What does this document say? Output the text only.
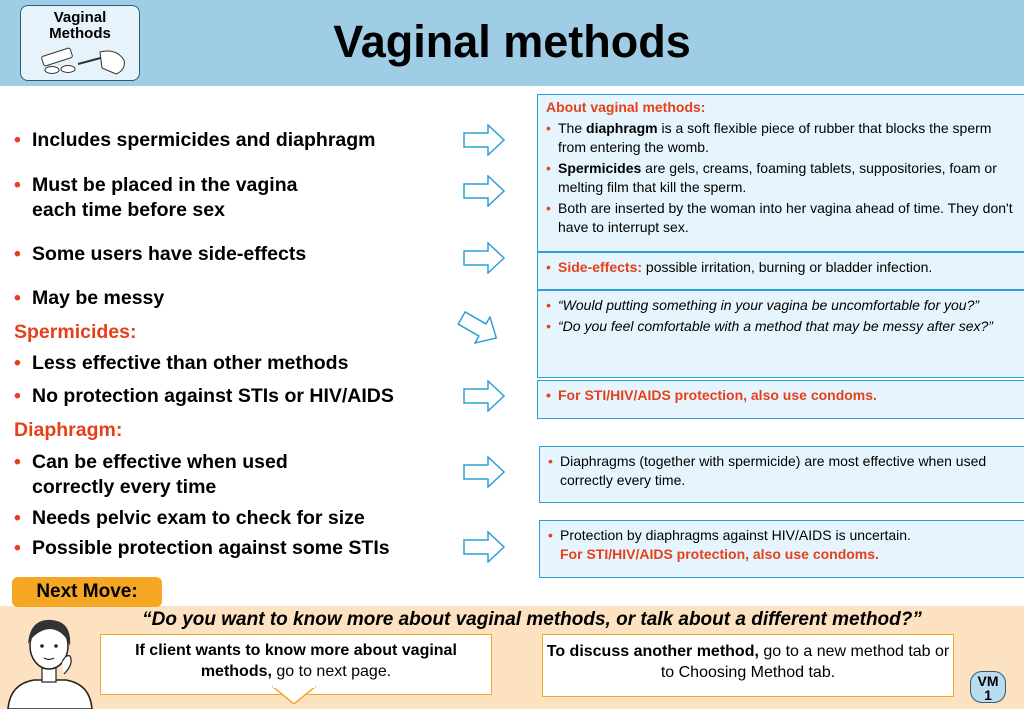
Vaginal
Methods	Vaginal methods
• Includes spermicides and diaphragm
• Must be placed in the vagina
each time before sex
• Some users have side-effects
• May be messy
Spermicides:
• Less effective than other methods
• No protection against STIs or HIV/AIDS
Diaphragm:
• Can be effective when used
correctly every time
• Needs pelvic exam to check for size
• Possible protection against some STIs
About vaginal methods:
• The diaphragm is a soft flexible piece of rubber that blocks the sperm from entering the womb.
• Spermicides are gels, creams, foaming tablets, suppositories, foam or melting film that kill the sperm.
• Both are inserted by the woman into her vagina ahead of time. They don't have to interrupt sex.
• Side-effects: possible irritation, burning or bladder infection.
• “Would putting something in your vagina be uncomfortable for you?”
• “Do you feel comfortable with a method that may be messy after sex?”
• For STI/HIV/AIDS protection, also use condoms.
• Diaphragms (together with spermicide) are most effective when used correctly every time.
• Protection by diaphragms against HIV/AIDS is uncertain.
For STI/HIV/AIDS protection, also use condoms.
Next Move:
“Do you want to know more about vaginal methods, or talk about a different method?”
If client wants to know more about vaginal methods, go to next page.
To discuss another method, go to a new method tab or to Choosing Method tab.	VM
1
